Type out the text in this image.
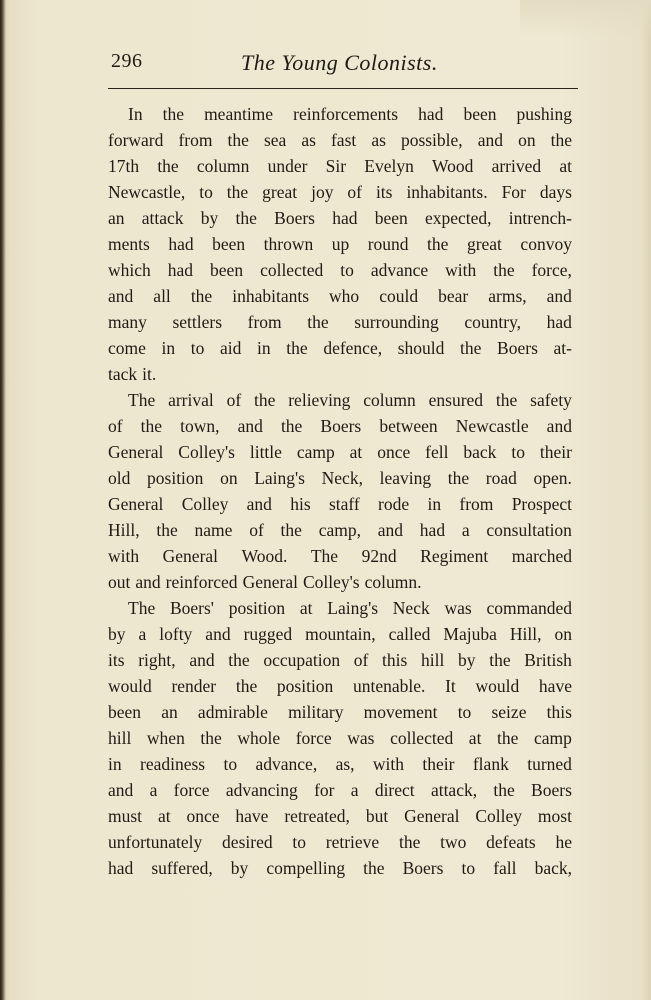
296	The Young Colonists.
In the meantime reinforcements had been pushing
forward from the sea as fast as possible, and on the
17th the column under Sir Evelyn Wood arrived at
Newcastle, to the great joy of its inhabitants. For days
an attack by the Boers had been expected, intrench-
ments had been thrown up round the great convoy
which had been collected to advance with the force,
and all the inhabitants who could bear arms, and
many settlers from the surrounding country, had
come in to aid in the defence, should the Boers at-
tack it.
The arrival of the relieving column ensured the safety
of the town, and the Boers between Newcastle and
General Colley's little camp at once fell back to their
old position on Laing's Neck, leaving the road open.
General Colley and his staff rode in from Prospect
Hill, the name of the camp, and had a consultation
with General Wood. The 92nd Regiment marched
out and reinforced General Colley's column.
The Boers' position at Laing's Neck was commanded
by a lofty and rugged mountain, called Majuba Hill, on
its right, and the occupation of this hill by the British
would render the position untenable. It would have
been an admirable military movement to seize this
hill when the whole force was collected at the camp
in readiness to advance, as, with their flank turned
and a force advancing for a direct attack, the Boers
must at once have retreated, but General Colley most
unfortunately desired to retrieve the two defeats he
had suffered, by compelling the Boers to fall back,
